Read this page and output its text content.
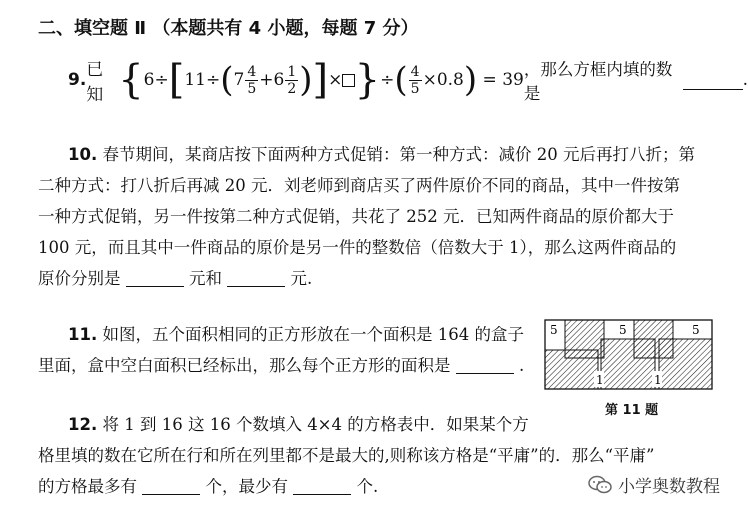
二、填空题 Ⅱ （本题共有 4 小题，每题 7 分）
9. 已知 { 6 ÷ [ 11 ÷ ( $7 \frac{4}{5} + 6 \frac{1}{2}$ ) ] × } ÷ ( $\frac{4}{5} \times 0.8$ ) = 39
，那么方框内填的数是
.
10. 春节期间，某商店按下面两种方式促销：第一种方式：减价 20 元后再打八折；第
二种方式：打八折后再减 20 元．刘老师到商店买了两件原价不同的商品，其中一件按第
一种方式促销，另一件按第二种方式促销，共花了 252 元．已知两件商品的原价都大于
100 元，而且其中一件商品的原价是另一件的整数倍（倍数大于 1），那么这两件商品的
原价分别是	元和	元.
11. 如图，五个面积相同的正方形放在一个面积是 164 的盒子
里面，盒中空白面积已经标出，那么每个正方形的面积是	.
5	5	5
1	1
第 11 题
12. 将 1 到 16 这 16 个数填入 4×4 的方格表中．如果某个方
格里填的数在它所在行和所在列里都不是最大的,则称该方格是“平庸”的．那么“平庸”
的方格最多有	个，最少有	个.	小学奥数教程
